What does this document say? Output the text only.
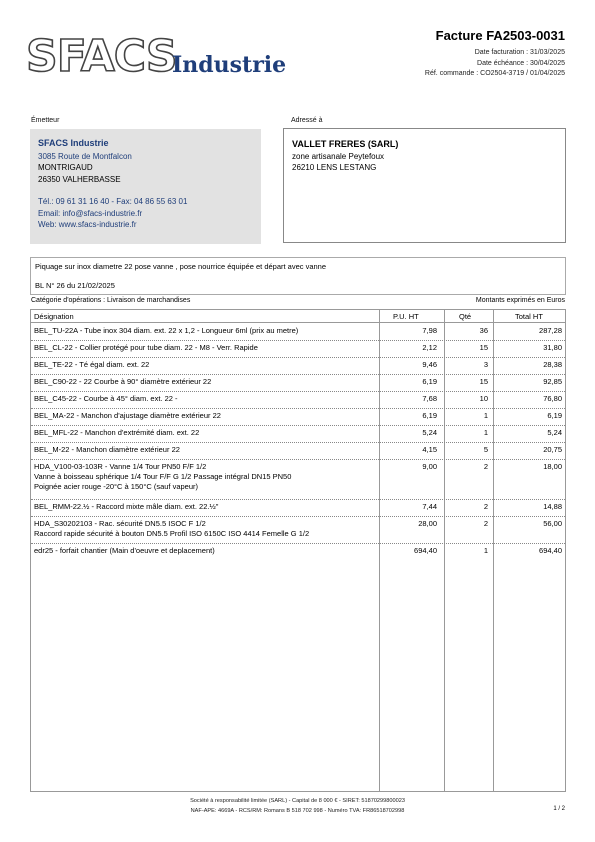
SFACS
Industrie
Facture FA2503-0031
Date facturation : 31/03/2025
Date échéance : 30/04/2025
Réf. commande : CO2504-3719 / 01/04/2025
Émetteur	Adressé à
SFACS Industrie
3085 Route de Montfalcon
MONTRIGAUD
26350 VALHERBASSE
Tél.: 09 61 31 16 40 - Fax: 04 86 55 63 01
Email: info@sfacs-industrie.fr
Web: www.sfacs-industrie.fr
VALLET FRERES (SARL)
zone artisanale Peytefoux
26210 LENS LESTANG
Piquage sur inox diametre 22 pose vanne , pose nourrice équipée et départ avec vanne
BL N° 26 du 21/02/2025
Catégorie d'opérations : Livraison de marchandises	Montants exprimés en Euros
Désignation	P.U. HT	Qté	Total HT
BEL_TU-22A - Tube inox 304 diam. ext. 22 x 1,2 - Longueur 6ml (prix au metre)	7,98	36	287,28
BEL_CL-22 - Collier protégé pour tube diam. 22 - M8 - Verr. Rapide	2,12	15	31,80
BEL_TE-22 - Té égal diam. ext. 22	9,46	3	28,38
BEL_C90-22 - 22 Courbe à 90° diamètre extérieur 22	6,19	15	92,85
BEL_C45-22 - Courbe à 45° diam. ext. 22 -	7,68	10	76,80
BEL_MA-22 - Manchon d'ajustage diamètre extérieur 22	6,19	1	6,19
BEL_MFL-22 - Manchon d'extrémité diam. ext. 22	5,24	1	5,24
BEL_M-22 - Manchon diamètre extérieur 22	4,15	5	20,75
HDA_V100-03-103R - Vanne 1/4 Tour PN50 F/F 1/2
Vanne à boisseau sphérique 1/4 Tour F/F G 1/2 Passage intégral DN15 PN50
Poignée acier rouge -20°C à 150°C (sauf vapeur)
9,00	2	18,00
BEL_RMM-22.½ - Raccord mixte mâle diam. ext. 22.½"	7,44	2	14,88
HDA_S30202103 - Rac. sécurité DN5.5 ISOC F 1/2
Raccord rapide sécurité à bouton DN5.5 Profil ISO 6150C ISO 4414 Femelle G 1/2
28,00	2	56,00
edr25 - forfait chantier (Main d'oeuvre et deplacement)	694,40	1	694,40
Société à responsabilité limitée (SARL) - Capital de 8 000 € - SIRET: 51870299800023
NAF-APE: 4669A - RCS/RM: Romans B 518 702 998 - Numéro TVA: FR86518702998	1 / 2
